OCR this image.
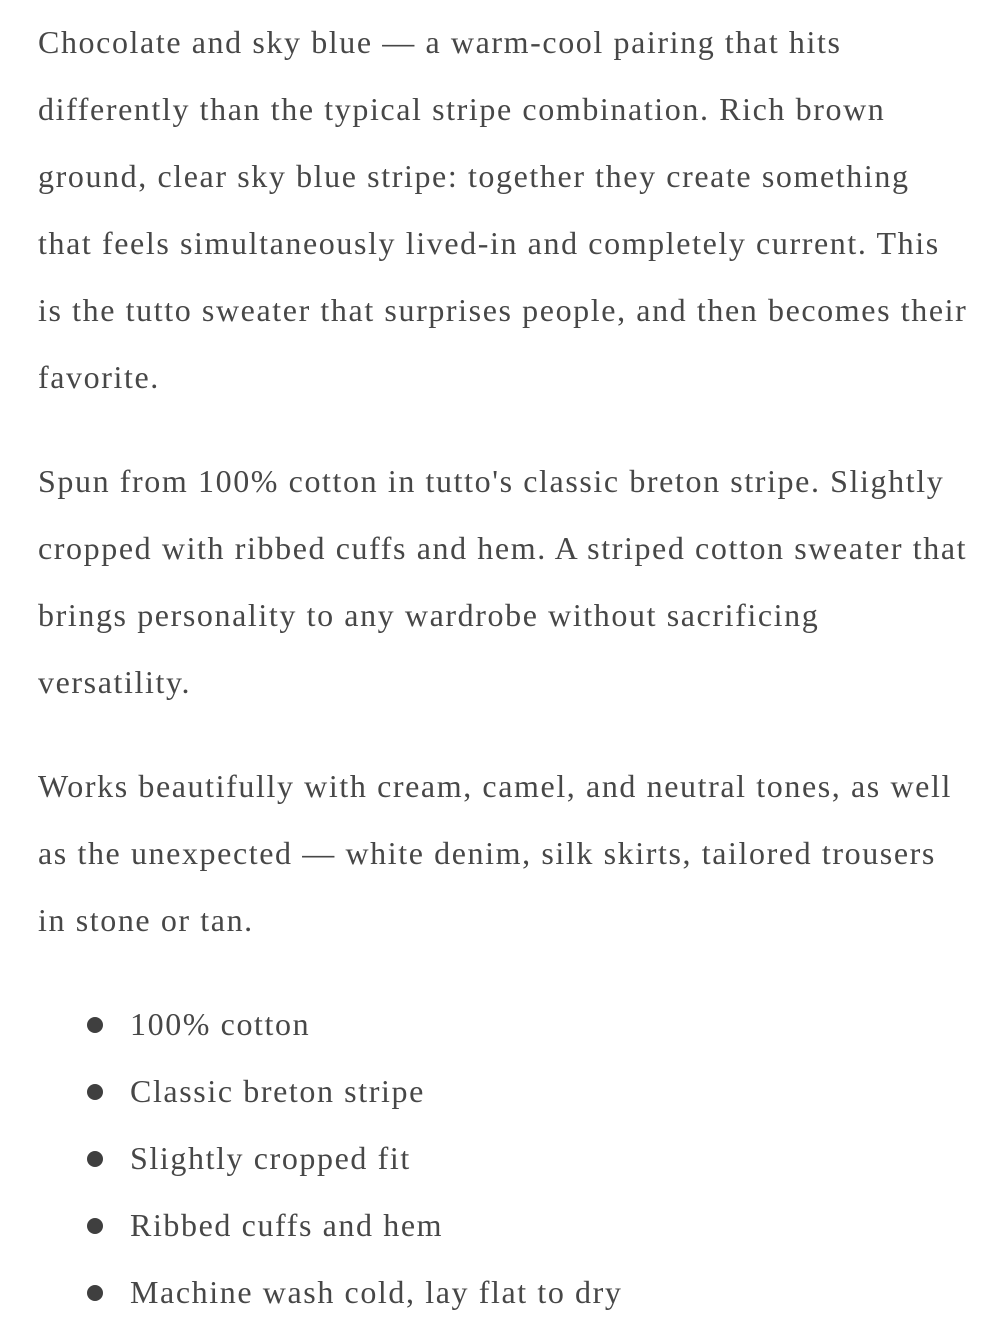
Chocolate and sky blue — a warm-cool pairing that hits differently than the typical stripe combination. Rich brown ground, clear sky blue stripe: together they create something that feels simultaneously lived-in and completely current. This is the tutto sweater that surprises people, and then becomes their favorite.

Spun from 100% cotton in tutto's classic breton stripe. Slightly cropped with ribbed cuffs and hem. A striped cotton sweater that brings personality to any wardrobe without sacrificing versatility.

Works beautifully with cream, camel, and neutral tones, as well as the unexpected — white denim, silk skirts, tailored trousers in stone or tan.

100% cotton
Classic breton stripe
Slightly cropped fit
Ribbed cuffs and hem
Machine wash cold, lay flat to dry
